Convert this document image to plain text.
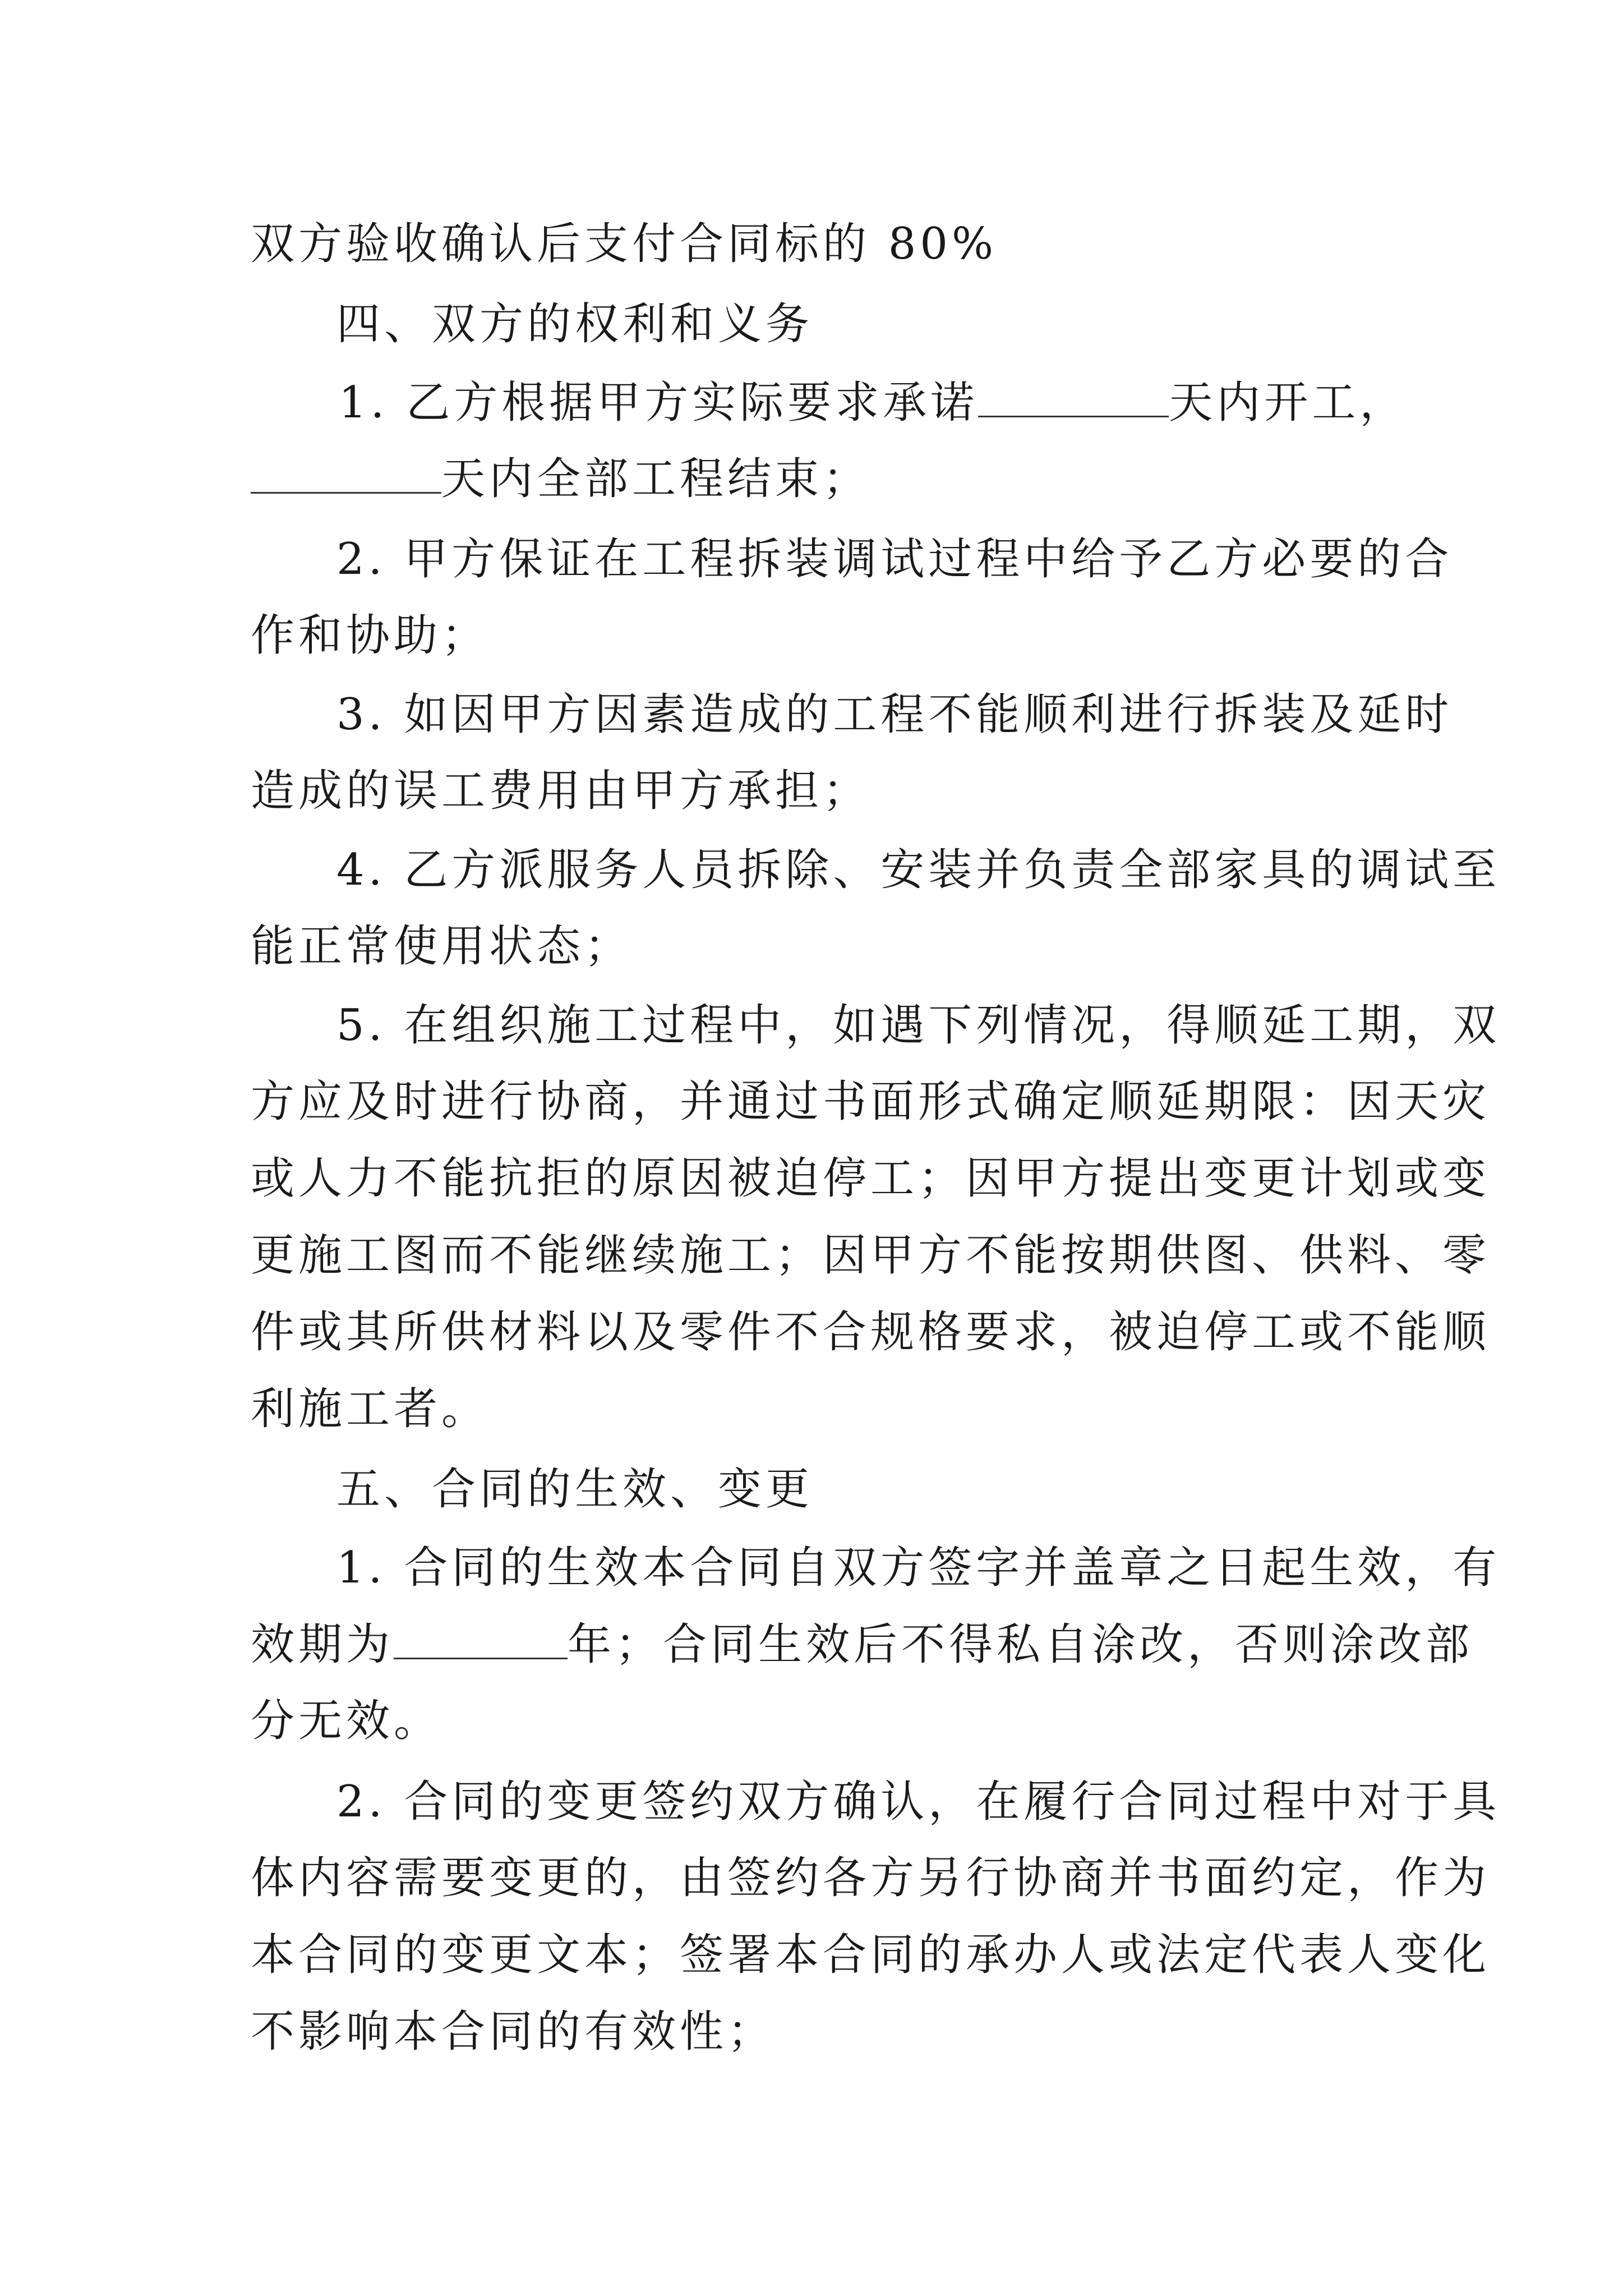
双方验收确认后支付合同标的 80%
四、双方的权利和义务
1. 乙方根据甲方实际要求承诺	天内开工，
天内全部工程结束；
2. 甲方保证在工程拆装调试过程中给予乙方必要的合
作和协助；
3. 如因甲方因素造成的工程不能顺利进行拆装及延时
造成的误工费用由甲方承担；
4. 乙方派服务人员拆除、安装并负责全部家具的调试至
能正常使用状态；
5. 在组织施工过程中，如遇下列情况，得顺延工期，双
方应及时进行协商，并通过书面形式确定顺延期限：因天灾
或人力不能抗拒的原因被迫停工；因甲方提出变更计划或变
更施工图而不能继续施工；因甲方不能按期供图、供料、零
件或其所供材料以及零件不合规格要求，被迫停工或不能顺
利施工者。
五、合同的生效、变更
1. 合同的生效本合同自双方签字并盖章之日起生效，有
效期为	年；合同生效后不得私自涂改，否则涂改部
分无效。
2. 合同的变更签约双方确认，在履行合同过程中对于具
体内容需要变更的，由签约各方另行协商并书面约定，作为
本合同的变更文本；签署本合同的承办人或法定代表人变化
不影响本合同的有效性；
